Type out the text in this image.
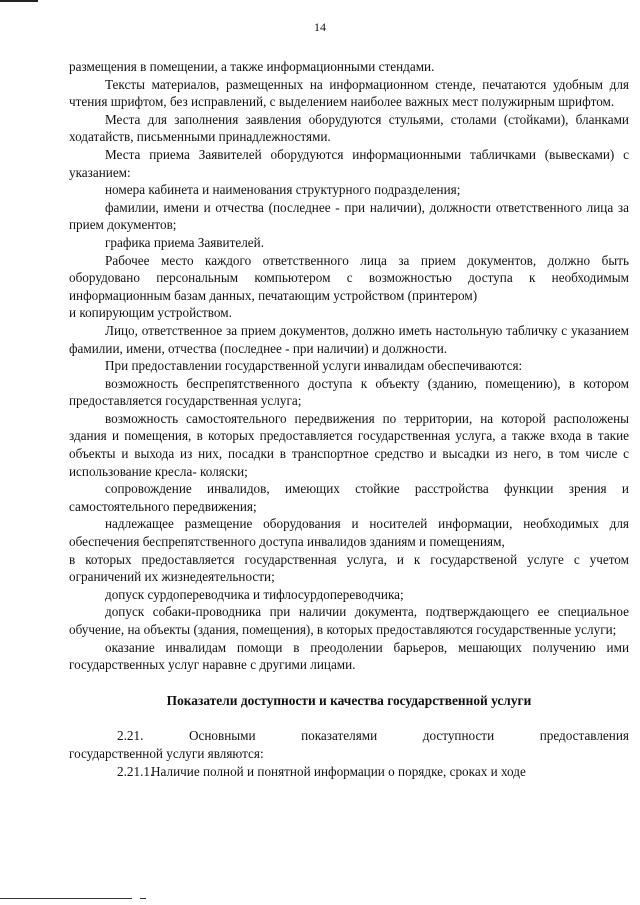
14

размещения в помещении, а также информационными стендами.

Тексты материалов, размещенных на информационном стенде, печатаются удобным для чтения шрифтом, без исправлений, с выделением наиболее важных мест полужирным шрифтом.

Места для заполнения заявления оборудуются стульями, столами (стойками), бланками ходатайств, письменными принадлежностями.

Места приема Заявителей оборудуются информационными табличками (вывесками) с указанием:

номера кабинета и наименования структурного подразделения;

фамилии, имени и отчества (последнее - при наличии), должности ответственного лица за прием документов;

графика приема Заявителей.

Рабочее место каждого ответственного лица за прием документов, должно быть оборудовано персональным компьютером с возможностью доступа к необходимым информационным базам данных, печатающим устройством (принтером)

и копирующим устройством.

Лицо, ответственное за прием документов, должно иметь настольную табличку с указанием фамилии, имени, отчества (последнее - при наличии) и должности.

При предоставлении государственной услуги инвалидам обеспечиваются:

возможность беспрепятственного доступа к объекту (зданию, помещению), в котором предоставляется государственная услуга;

возможность самостоятельного передвижения по территории, на которой расположены здания и помещения, в которых предоставляется государственная услуга, а также входа в такие объекты и выхода из них, посадки в транспортное средство и высадки из него, в том числе с использование кресла- коляски;

сопровождение инвалидов, имеющих стойкие расстройства функции зрения и самостоятельного передвижения;

надлежащее размещение оборудования и носителей информации, необходимых для обеспечения беспрепятственного доступа инвалидов зданиям и помещениям,

в которых предоставляется государственная услуга, и к государственой услуге с учетом ограничений их жизнедеятельности;

допуск сурдопереводчика и тифлосурдопереводчика;

допуск собаки-проводника при наличии документа, подтверждающего ее специальное обучение, на объекты (здания, помещения), в которых предоставляются государственные услуги;

оказание инвалидам помощи в преодолении барьеров, мешающих получению ими государственных услуг наравне с другими лицами.

Показатели доступности и качества государственной услуги

2.21.	Основными	показателями	доступности	предоставления

государственной услуги являются:

2.21.1.Наличие полной и понятной информации о порядке, сроках и ходе
